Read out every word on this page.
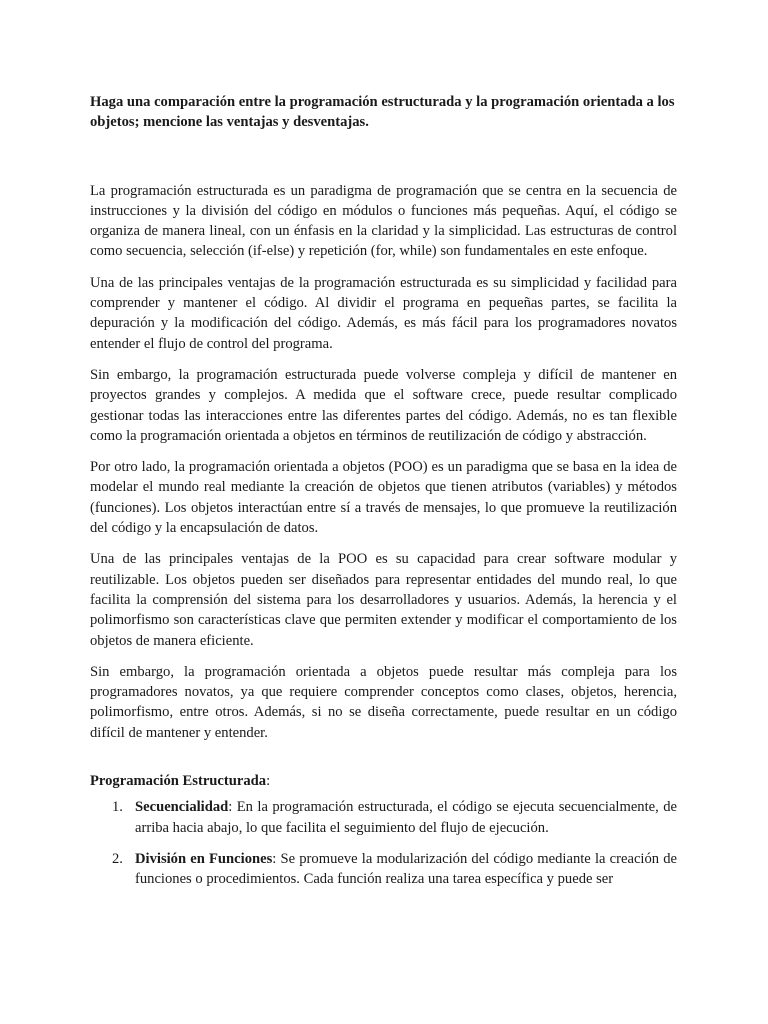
Haga una comparación entre la programación estructurada y la programación orientada a los objetos; mencione las ventajas y desventajas.

La programación estructurada es un paradigma de programación que se centra en la secuencia de instrucciones y la división del código en módulos o funciones más pequeñas. Aquí, el código se organiza de manera lineal, con un énfasis en la claridad y la simplicidad. Las estructuras de control como secuencia, selección (if-else) y repetición (for, while) son fundamentales en este enfoque.

Una de las principales ventajas de la programación estructurada es su simplicidad y facilidad para comprender y mantener el código. Al dividir el programa en pequeñas partes, se facilita la depuración y la modificación del código. Además, es más fácil para los programadores novatos entender el flujo de control del programa.

Sin embargo, la programación estructurada puede volverse compleja y difícil de mantener en proyectos grandes y complejos. A medida que el software crece, puede resultar complicado gestionar todas las interacciones entre las diferentes partes del código. Además, no es tan flexible como la programación orientada a objetos en términos de reutilización de código y abstracción.

Por otro lado, la programación orientada a objetos (POO) es un paradigma que se basa en la idea de modelar el mundo real mediante la creación de objetos que tienen atributos (variables) y métodos (funciones). Los objetos interactúan entre sí a través de mensajes, lo que promueve la reutilización del código y la encapsulación de datos.

Una de las principales ventajas de la POO es su capacidad para crear software modular y reutilizable. Los objetos pueden ser diseñados para representar entidades del mundo real, lo que facilita la comprensión del sistema para los desarrolladores y usuarios. Además, la herencia y el polimorfismo son características clave que permiten extender y modificar el comportamiento de los objetos de manera eficiente.

Sin embargo, la programación orientada a objetos puede resultar más compleja para los programadores novatos, ya que requiere comprender conceptos como clases, objetos, herencia, polimorfismo, entre otros. Además, si no se diseña correctamente, puede resultar en un código difícil de mantener y entender.

Programación Estructurada:

1. Secuencialidad: En la programación estructurada, el código se ejecuta secuencialmente, de arriba hacia abajo, lo que facilita el seguimiento del flujo de ejecución.
2. División en Funciones: Se promueve la modularización del código mediante la creación de funciones o procedimientos. Cada función realiza una tarea específica y puede ser
